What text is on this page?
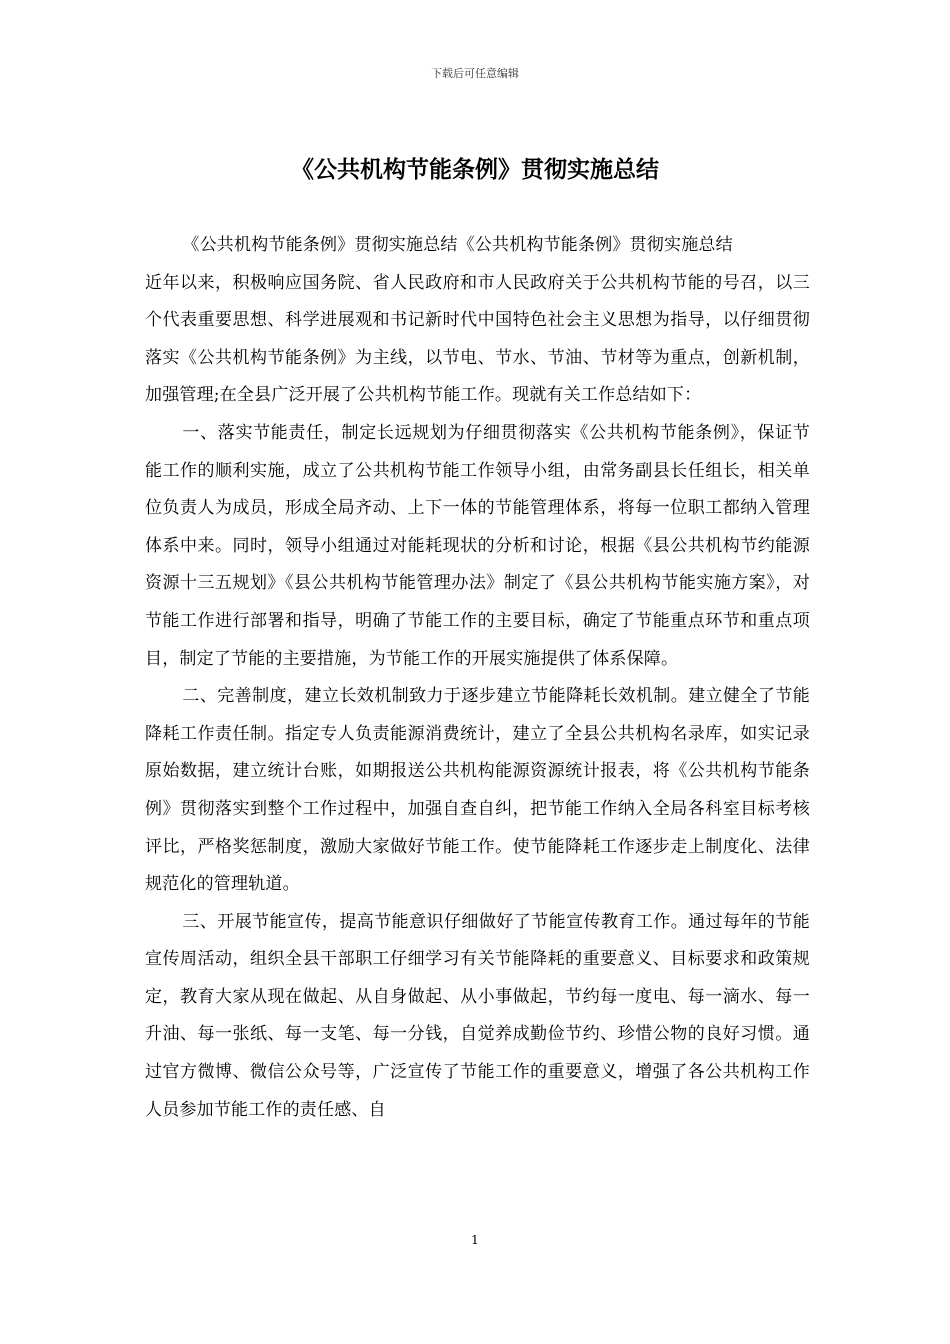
下载后可任意编辑
《公共机构节能条例》贯彻实施总结

《公共机构节能条例》贯彻实施总结《公共机构节能条例》贯彻实施总结

近年以来，积极响应国务院、省人民政府和市人民政府关于公共机构节能的号召，以三个代表重要思想、科学进展观和书记新时代中国特色社会主义思想为指导，以仔细贯彻落实《公共机构节能条例》为主线，以节电、节水、节油、节材等为重点，创新机制，加强管理;在全县广泛开展了公共机构节能工作。现就有关工作总结如下：

一、落实节能责任，制定长远规划为仔细贯彻落实《公共机构节能条例》，保证节能工作的顺利实施，成立了公共机构节能工作领导小组，由常务副县长任组长，相关单位负责人为成员，形成全局齐动、上下一体的节能管理体系，将每一位职工都纳入管理体系中来。同时，领导小组通过对能耗现状的分析和讨论，根据《县公共机构节约能源资源十三五规划》《县公共机构节能管理办法》制定了《县公共机构节能实施方案》，对节能工作进行部署和指导，明确了节能工作的主要目标，确定了节能重点环节和重点项目，制定了节能的主要措施，为节能工作的开展实施提供了体系保障。

二、完善制度，建立长效机制致力于逐步建立节能降耗长效机制。建立健全了节能降耗工作责任制。指定专人负责能源消费统计，建立了全县公共机构名录库，如实记录原始数据，建立统计台账，如期报送公共机构能源资源统计报表，将《公共机构节能条例》贯彻落实到整个工作过程中，加强自查自纠，把节能工作纳入全局各科室目标考核评比，严格奖惩制度，激励大家做好节能工作。使节能降耗工作逐步走上制度化、法律规范化的管理轨道。

三、开展节能宣传，提高节能意识仔细做好了节能宣传教育工作。通过每年的节能宣传周活动，组织全县干部职工仔细学习有关节能降耗的重要意义、目标要求和政策规定，教育大家从现在做起、从自身做起、从小事做起，节约每一度电、每一滴水、每一升油、每一张纸、每一支笔、每一分钱，自觉养成勤俭节约、珍惜公物的良好习惯。通过官方微博、微信公众号等，广泛宣传了节能工作的重要意义，增强了各公共机构工作人员参加节能工作的责任感、自

1
